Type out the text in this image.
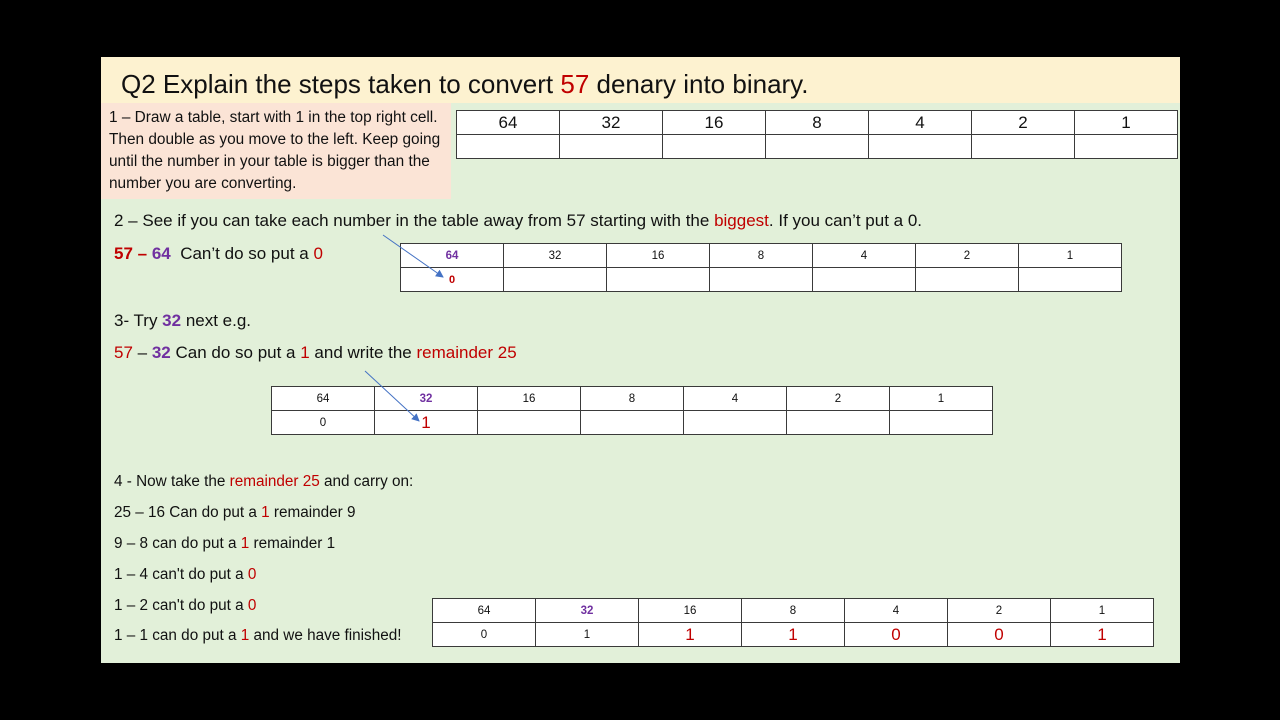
Q2 Explain the steps taken to convert 57 denary into binary.

1 – Draw a table, start with 1 in the top right cell. Then double as you move to the left. Keep going until the number in your table is bigger than the number you are converting.

64	32	16	8	4	2	1

2 – See if you can take each number in the table away from 57 starting with the biggest. If you can’t put a 0.

57 – 64 Can’t do so put a 0	64	32	16	8	4	2	1
0						

3- Try 32 next e.g.

57 – 32 Can do so put a 1 and write the remainder 25

64	32	16	8	4	2	1
0	1					

4 - Now take the remainder 25 and carry on:

25 – 16 Can do put a 1 remainder 9

9 – 8 can do put a 1 remainder 1

1 – 4 can't do put a 0

1 – 2 can't do put a 0

1 – 1 can do put a 1 and we have finished!

64	32	16	8	4	2	1
0	1	1	1	0	0	1
